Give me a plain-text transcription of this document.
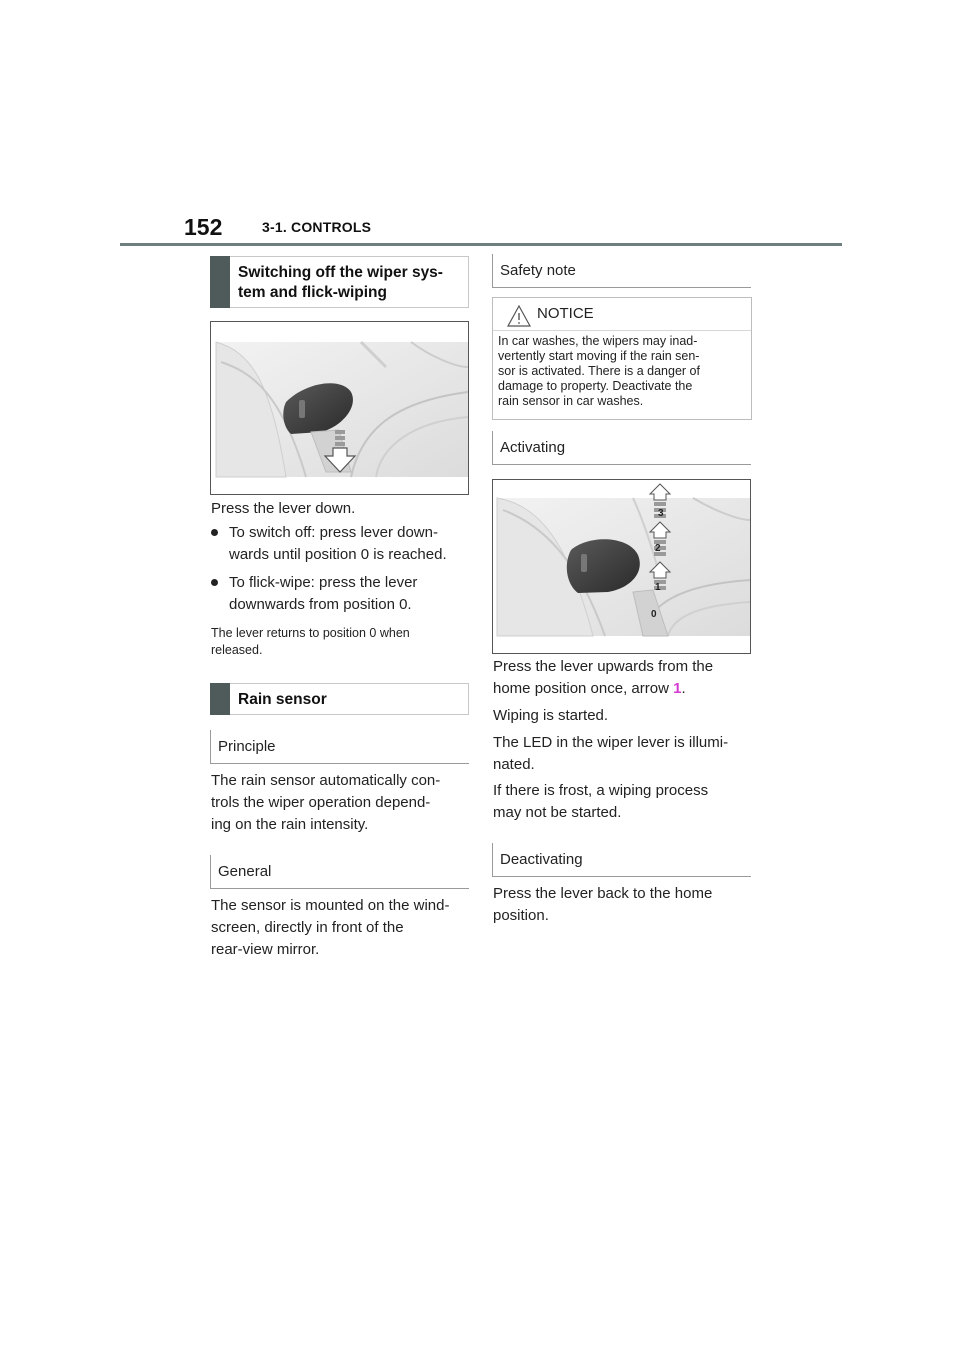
152	3-1. CONTROLS
Switching off the wiper sys-
tem and flick-wiping
Press the lever down.
To switch off: press lever down-
wards until position 0 is reached.
To flick-wipe: press the lever
downwards from position 0.
The lever returns to position 0 when
released.
Rain sensor
Principle
The rain sensor automatically con-
trols the wiper operation depend-
ing on the rain intensity.
General
The sensor is mounted on the wind-
screen, directly in front of the
rear-view mirror.
Safety note
NOTICE
In car washes, the wipers may inad-
vertently start moving if the rain sen-
sor is activated. There is a danger of
damage to property. Deactivate the
rain sensor in car washes.
Activating
3
2
1
0
Press the lever upwards from the
home position once, arrow 1.
Wiping is started.
The LED in the wiper lever is illumi-
nated.
If there is frost, a wiping process
may not be started.
Deactivating
Press the lever back to the home
position.
